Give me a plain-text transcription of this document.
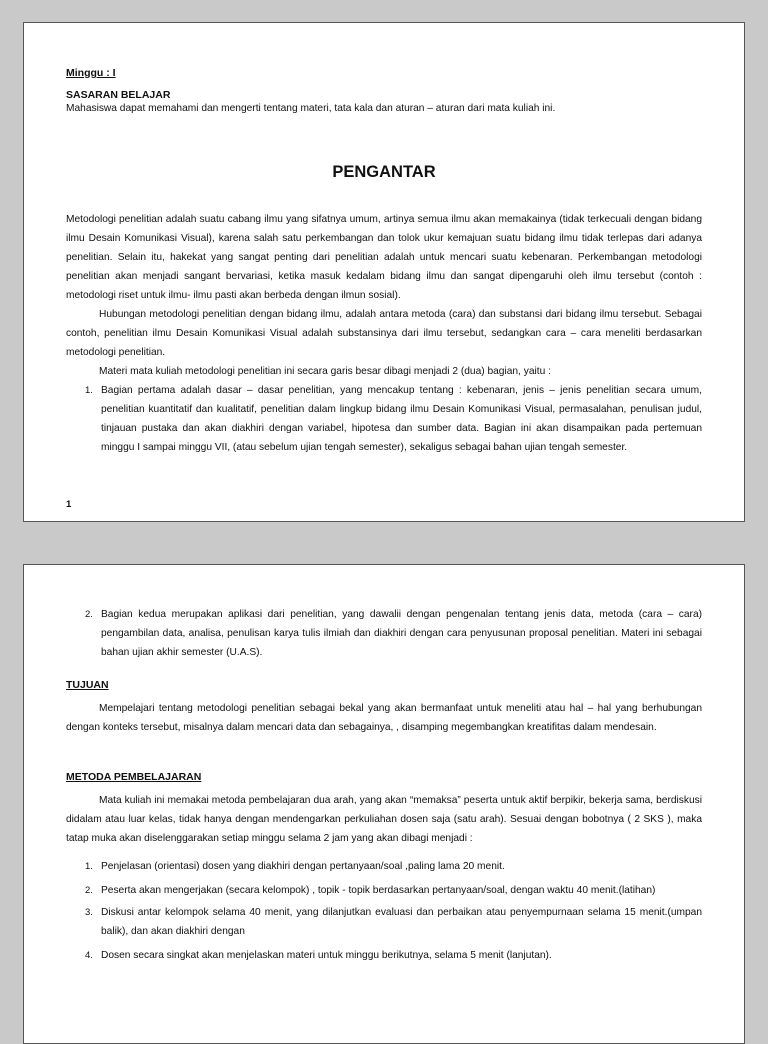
Minggu : I

SASARAN BELAJAR

Mahasiswa dapat memahami dan mengerti tentang materi, tata kala dan aturan – aturan dari mata kuliah ini.

PENGANTAR

Metodologi penelitian adalah suatu cabang ilmu yang sifatnya umum, artinya semua ilmu akan memakainya (tidak terkecuali dengan bidang ilmu Desain Komunikasi Visual), karena salah satu perkembangan dan tolok ukur kemajuan suatu bidang ilmu tidak terlepas dari adanya penelitian. Selain itu, hakekat yang sangat penting dari penelitian adalah untuk mencari suatu kebenaran. Perkembangan metodologi penelitian akan menjadi sangant bervariasi, ketika masuk kedalam bidang ilmu dan sangat dipengaruhi oleh ilmu tersebut (contoh : metodologi riset untuk ilmu- ilmu pasti akan berbeda dengan ilmun sosial).

Hubungan metodologi penelitian dengan bidang ilmu, adalah antara metoda (cara) dan substansi dari bidang ilmu tersebut. Sebagai contoh, penelitian ilmu Desain Komunikasi Visual adalah substansinya dari ilmu tersebut, sedangkan cara – cara meneliti berdasarkan metodologi penelitian.

Materi mata kuliah metodologi penelitian ini secara garis besar dibagi menjadi 2 (dua) bagian, yaitu :

1. Bagian pertama adalah dasar – dasar penelitian, yang mencakup tentang : kebenaran, jenis – jenis penelitian secara umum, penelitian kuantitatif dan kualitatif, penelitian dalam lingkup bidang ilmu Desain Komunikasi Visual, permasalahan, penulisan judul, tinjauan pustaka dan akan diakhiri dengan variabel, hipotesa dan sumber data. Bagian ini akan disampaikan pada pertemuan minggu I sampai minggu VII, (atau sebelum ujian tengah semester), sekaligus sebagai bahan ujian tengah semester.

1

2. Bagian kedua merupakan aplikasi dari penelitian, yang dawalii dengan pengenalan tentang jenis data, metoda (cara – cara) pengambilan data, analisa, penulisan karya tulis ilmiah dan diakhiri dengan cara penyusunan proposal penelitian. Materi ini sebagai bahan ujian akhir semester (U.A.S).

TUJUAN

Mempelajari tentang metodologi penelitian sebagai bekal yang akan bermanfaat untuk meneliti atau hal – hal yang berhubungan dengan konteks tersebut, misalnya dalam mencari data dan sebagainya, , disamping megembangkan kreatifitas dalam mendesain.

METODA PEMBELAJARAN

Mata kuliah ini memakai metoda pembelajaran dua arah, yang akan “memaksa” peserta untuk aktif berpikir, bekerja sama, berdiskusi didalam atau luar kelas, tidak hanya dengan mendengarkan perkuliahan dosen saja (satu arah). Sesuai dengan bobotnya ( 2 SKS ), maka tatap muka akan diselenggarakan setiap minggu selama 2 jam yang akan dibagi menjadi :

1. Penjelasan (orientasi) dosen yang diakhiri dengan pertanyaan/soal ,paling lama 20 menit.
2. Peserta akan mengerjakan (secara kelompok) , topik - topik berdasarkan pertanyaan/soal, dengan waktu 40 menit.(latihan)
3. Diskusi antar kelompok selama 40 menit, yang dilanjutkan evaluasi dan perbaikan atau penyempurnaan selama 15 menit.(umpan balik), dan akan diakhiri dengan
4. Dosen secara singkat akan menjelaskan materi untuk minggu berikutnya, selama 5 menit (lanjutan).
